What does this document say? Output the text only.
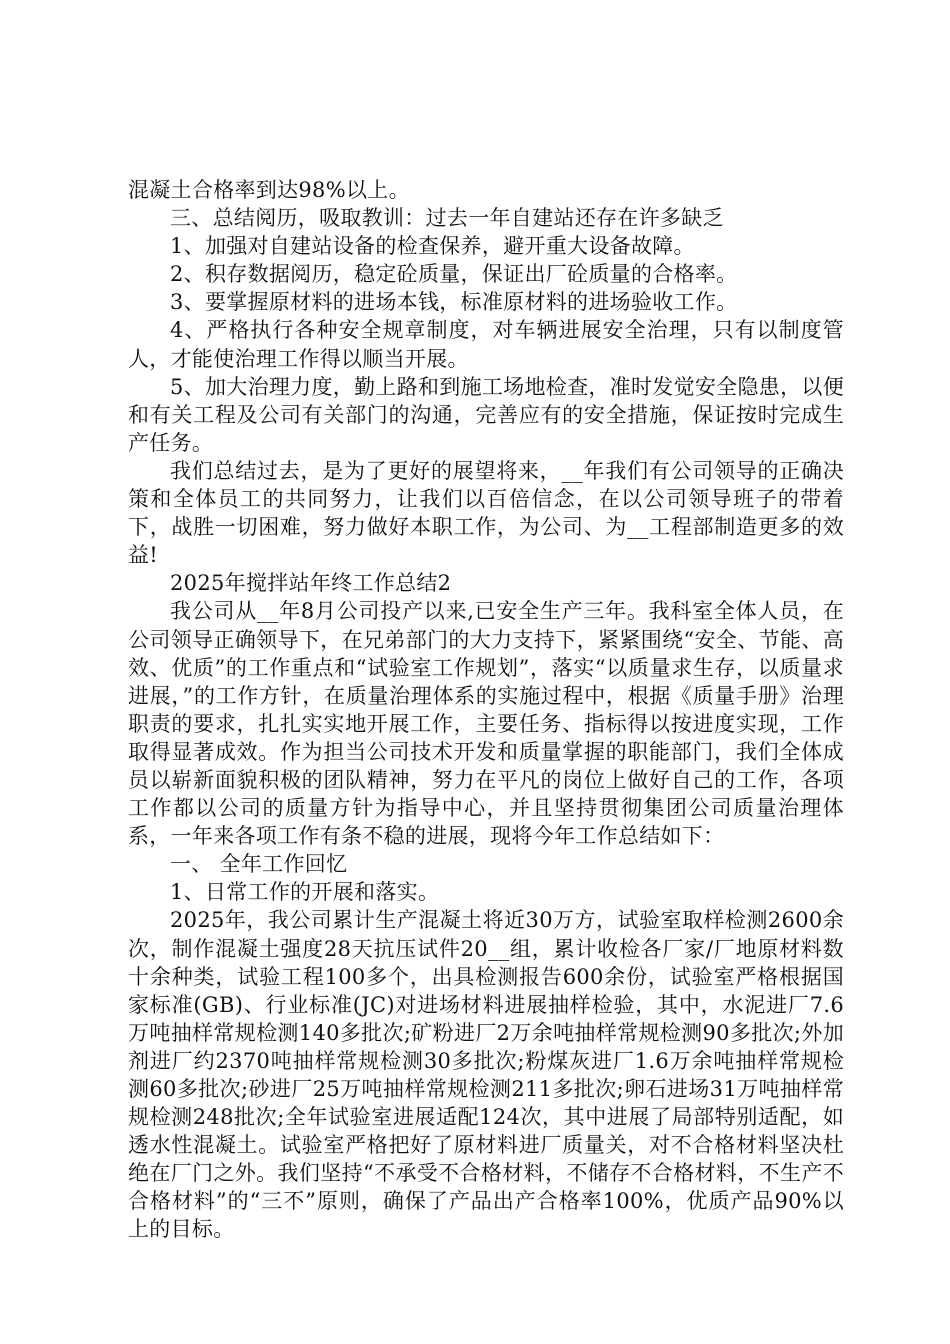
混凝土合格率到达98%以上。

三、总结阅历，吸取教训：过去一年自建站还存在许多缺乏

1、加强对自建站设备的检查保养，避开重大设备故障。

2、积存数据阅历，稳定砼质量，保证出厂砼质量的合格率。

3、要掌握原材料的进场本钱，标准原材料的进场验收工作。

4、严格执行各种安全规章制度，对车辆进展安全治理，只有以制度管人，才能使治理工作得以顺当开展。

5、加大治理力度，勤上路和到施工场地检查，准时发觉安全隐患，以便和有关工程及公司有关部门的沟通，完善应有的安全措施，保证按时完成生产任务。

我们总结过去，是为了更好的展望将来，__年我们有公司领导的正确决策和全体员工的共同努力，让我们以百倍信念，在以公司领导班子的带着下，战胜一切困难，努力做好本职工作，为公司、为__工程部制造更多的效益!

2025年搅拌站年终工作总结2

我公司从__年8月公司投产以来,已安全生产三年。我科室全体人员，在公司领导正确领导下，在兄弟部门的大力支持下，紧紧围绕“安全、节能、高效、优质”的工作重点和“试验室工作规划”，落实“以质量求生存，以质量求进展，”的工作方针，在质量治理体系的实施过程中，根据《质量手册》治理职责的要求，扎扎实实地开展工作，主要任务、指标得以按进度实现，工作取得显著成效。作为担当公司技术开发和质量掌握的职能部门，我们全体成员以崭新面貌积极的团队精神，努力在平凡的岗位上做好自己的工作，各项工作都以公司的质量方针为指导中心，并且坚持贯彻集团公司质量治理体系，一年来各项工作有条不稳的进展，现将今年工作总结如下：

一、 全年工作回忆

1、日常工作的开展和落实。

2025年，我公司累计生产混凝土将近30万方，试验室取样检测2600余次，制作混凝土强度28天抗压试件20__组，累计收检各厂家/厂地原材料数十余种类，试验工程100多个，出具检测报告600余份，试验室严格根据国家标准(GB)、行业标准(JC)对进场材料进展抽样检验，其中，水泥进厂7.6万吨抽样常规检测140多批次;矿粉进厂2万余吨抽样常规检测90多批次;外加剂进厂约2370吨抽样常规检测30多批次;粉煤灰进厂1.6万余吨抽样常规检测60多批次;砂进厂25万吨抽样常规检测211多批次;卵石进场31万吨抽样常规检测248批次;全年试验室进展适配124次，其中进展了局部特别适配，如透水性混凝土。试验室严格把好了原材料进厂质量关，对不合格材料坚决杜绝在厂门之外。我们坚持“不承受不合格材料，不储存不合格材料，不生产不合格材料”的“三不”原则，确保了产品出产合格率100%，优质产品90%以上的目标。
